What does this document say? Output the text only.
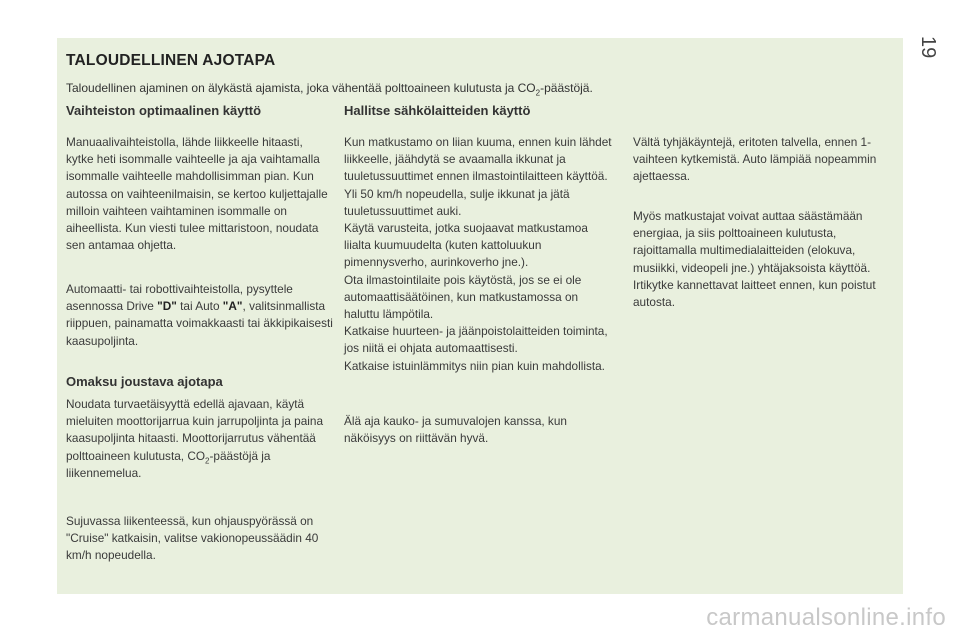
19
TALOUDELLINEN AJOTAPA
Taloudellinen ajaminen on älykästä ajamista, joka vähentää polttoaineen kulutusta ja $CO_2$-päästöjä.
Vaihteiston optimaalinen käyttö

Manuaalivaihteistolla, lähde liikkeelle hitaasti, kytke heti isommalle vaihteelle ja aja vaihtamalla isommalle vaihteelle mahdollisimman pian. Kun autossa on vaihteenilmaisin, se kertoo kuljettajalle milloin vaihteen vaihtaminen isommalle on aiheellista. Kun viesti tulee mittaristoon, noudata sen antamaa ohjetta.

Automaatti- tai robottivaihteistolla, pysyttele asennossa Drive "D" tai Auto "A", valitsinmallista riippuen, painamatta voimakkaasti tai äkkipikaisesti kaasupoljinta.

Omaksu joustava ajotapa

Noudata turvaetäisyyttä edellä ajavaan, käytä mieluiten moottorijarrua kuin jarrupoljinta ja paina kaasupoljinta hitaasti. Moottorijarrutus vähentää polttoaineen kulutusta, $CO_2$-päästöjä ja liikennemelua.

Sujuvassa liikenteessä, kun ohjauspyörässä on "Cruise" katkaisin, valitse vakionopeussäädin 40 km/h nopeudella.

Hallitse sähkölaitteiden käyttö

Kun matkustamo on liian kuuma, ennen kuin lähdet liikkeelle, jäähdytä se avaamalla ikkunat ja tuuletussuuttimet ennen ilmastointilaitteen käyttöä.

Yli 50 km/h nopeudella, sulje ikkunat ja jätä tuuletussuuttimet auki.

Käytä varusteita, jotka suojaavat matkustamoa liialta kuumuudelta (kuten kattoluukun pimennysverho, aurinkoverho jne.).

Ota ilmastointilaite pois käytöstä, jos se ei ole automaattisäätöinen, kun matkustamossa on haluttu lämpötila.

Katkaise huurteen- ja jäänpoistolaitteiden toiminta, jos niitä ei ohjata automaattisesti.

Katkaise istuinlämmitys niin pian kuin mahdollista.

Älä aja kauko- ja sumuvalojen kanssa, kun näköisyys on riittävän hyvä.

Vältä tyhjäkäyntejä, eritoten talvella, ennen 1-vaihteen kytkemistä. Auto lämpiää nopeammin ajettaessa.

Myös matkustajat voivat auttaa säästämään energiaa, ja siis polttoaineen kulutusta, rajoittamalla multimedialaitteiden (elokuva, musiikki, videopeli jne.) yhtäjaksoista käyttöä. Irtikytke kannettavat laitteet ennen, kun poistut autosta.

carmanualsonline.info
